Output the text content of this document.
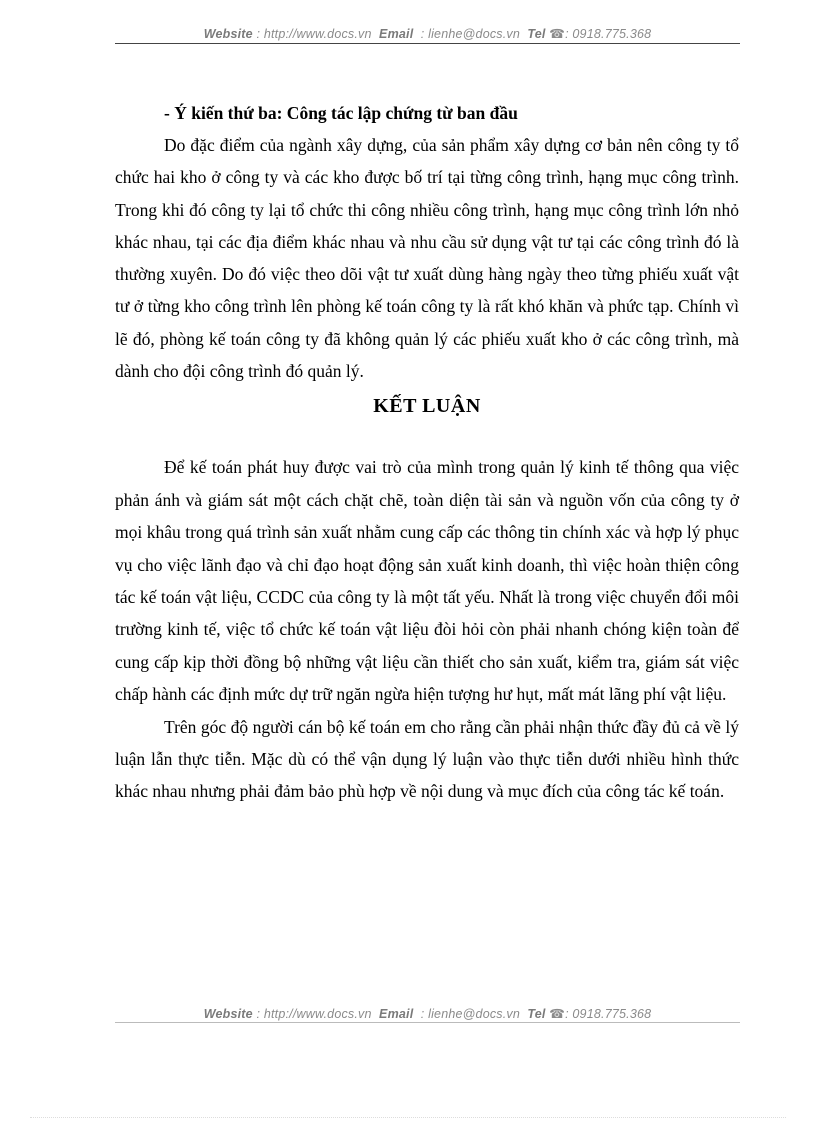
Website : http://www.docs.vn Email : lienhe@docs.vn Tel ☎: 0918.775.368

- Ý kiến thứ ba: Công tác lập chứng từ ban đầu

Do đặc điểm của ngành xây dựng, của sản phẩm xây dựng cơ bản nên công ty tổ chức hai kho ở công ty và các kho được bố trí tại từng công trình, hạng mục công trình. Trong khi đó công ty lại tổ chức thi công nhiều công trình, hạng mục công trình lớn nhỏ khác nhau, tại các địa điểm khác nhau và nhu cầu sử dụng vật tư tại các công trình đó là thường xuyên. Do đó việc theo dõi vật tư xuất dùng hàng ngày theo từng phiếu xuất vật tư ở từng kho công trình lên phòng kế toán công ty là rất khó khăn và phức tạp. Chính vì lẽ đó, phòng kế toán công ty đã không quản lý các phiếu xuất kho ở các công trình, mà dành cho đội công trình đó quản lý.

KẾT LUẬN

Để kế toán phát huy được vai trò của mình trong quản lý kinh tế thông qua việc phản ánh và giám sát một cách chặt chẽ, toàn diện tài sản và nguồn vốn của công ty ở mọi khâu trong quá trình sản xuất nhằm cung cấp các thông tin chính xác và hợp lý phục vụ cho việc lãnh đạo và chỉ đạo hoạt động sản xuất kinh doanh, thì việc hoàn thiện công tác kế toán vật liệu, CCDC của công ty là một tất yếu. Nhất là trong việc chuyển đổi môi trường kinh tế, việc tổ chức kế toán vật liệu đòi hỏi còn phải nhanh chóng kiện toàn để cung cấp kịp thời đồng bộ những vật liệu cần thiết cho sản xuất, kiểm tra, giám sát việc chấp hành các định mức dự trữ ngăn ngừa hiện tượng hư hụt, mất mát lãng phí vật liệu.

Trên góc độ người cán bộ kế toán em cho rằng cần phải nhận thức đầy đủ cả về lý luận lẫn thực tiễn. Mặc dù có thể vận dụng lý luận vào thực tiễn dưới nhiều hình thức khác nhau nhưng phải đảm bảo phù hợp về nội dung và mục đích của công tác kế toán.

Website : http://www.docs.vn Email : lienhe@docs.vn Tel ☎: 0918.775.368
